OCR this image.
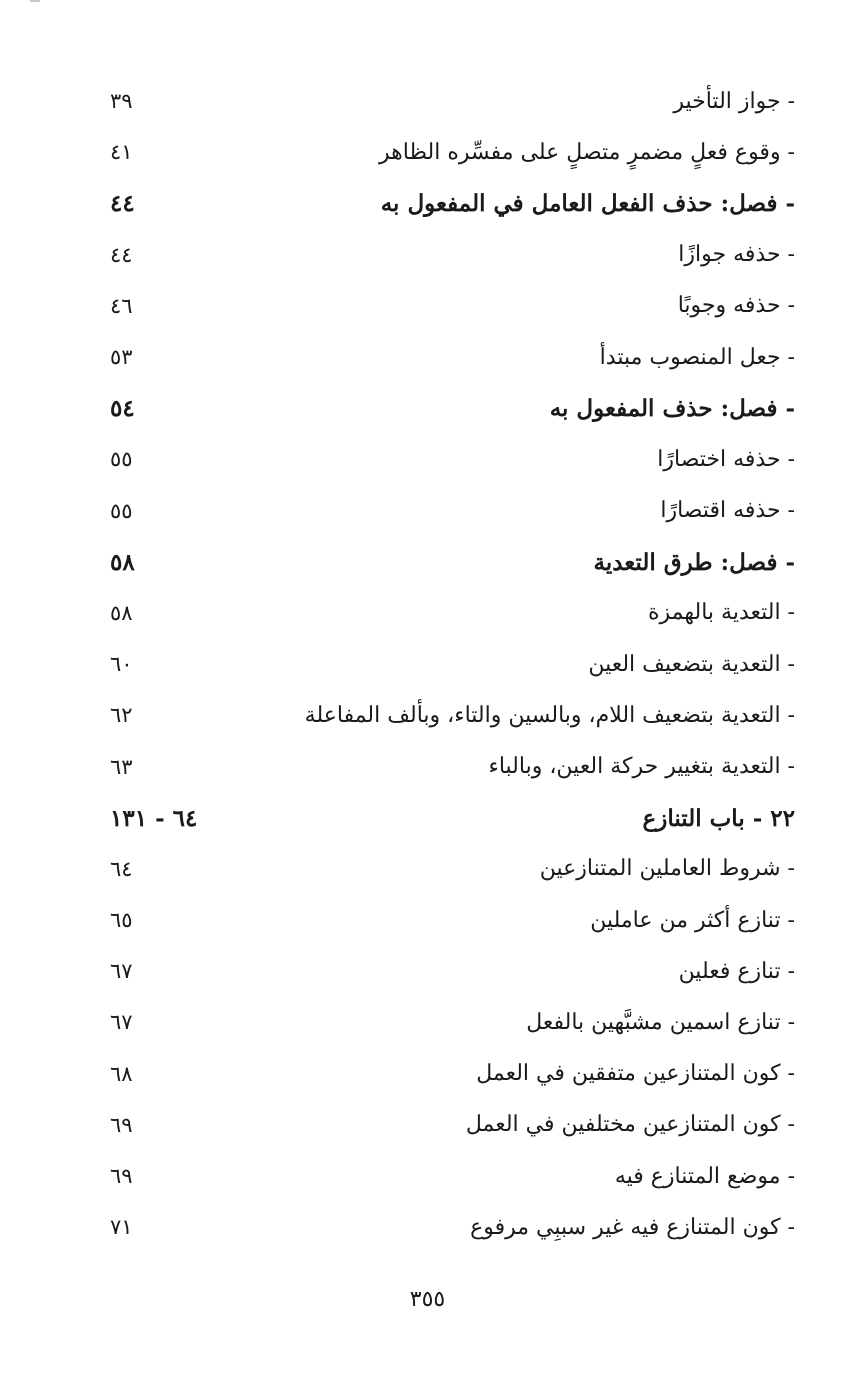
- جواز التأخير
٣٩
- وقوع فعلٍ مضمرٍ متصلٍ على مفسِّره الظاهر
٤١
- فصل: حذف الفعل العامل في المفعول به
٤٤
- حذفه جوازًا
٤٤
- حذفه وجوبًا
٤٦
- جعل المنصوب مبتدأ
٥٣
- فصل: حذف المفعول به
٥٤
- حذفه اختصارًا
٥٥
- حذفه اقتصارًا
٥٥
- فصل: طرق التعدية
٥٨
- التعدية بالهمزة
٥٨
- التعدية بتضعيف العين
٦٠
- التعدية بتضعيف اللام، وبالسين والتاء، وبألف المفاعلة
٦٢
- التعدية بتغيير حركة العين، وبالباء
٦٣
٢٢ - باب التنازع
٦٤ - ١٣١
- شروط العاملين المتنازعين
٦٤
- تنازع أكثر من عاملين
٦٥
- تنازع فعلين
٦٧
- تنازع اسمين مشبَّهين بالفعل
٦٧
- كون المتنازعين متفقين في العمل
٦٨
- كون المتنازعين مختلفين في العمل
٦٩
- موضع المتنازع فيه
٦٩
- كون المتنازع فيه غير سببِي مرفوع
٧١
٣٥٥
